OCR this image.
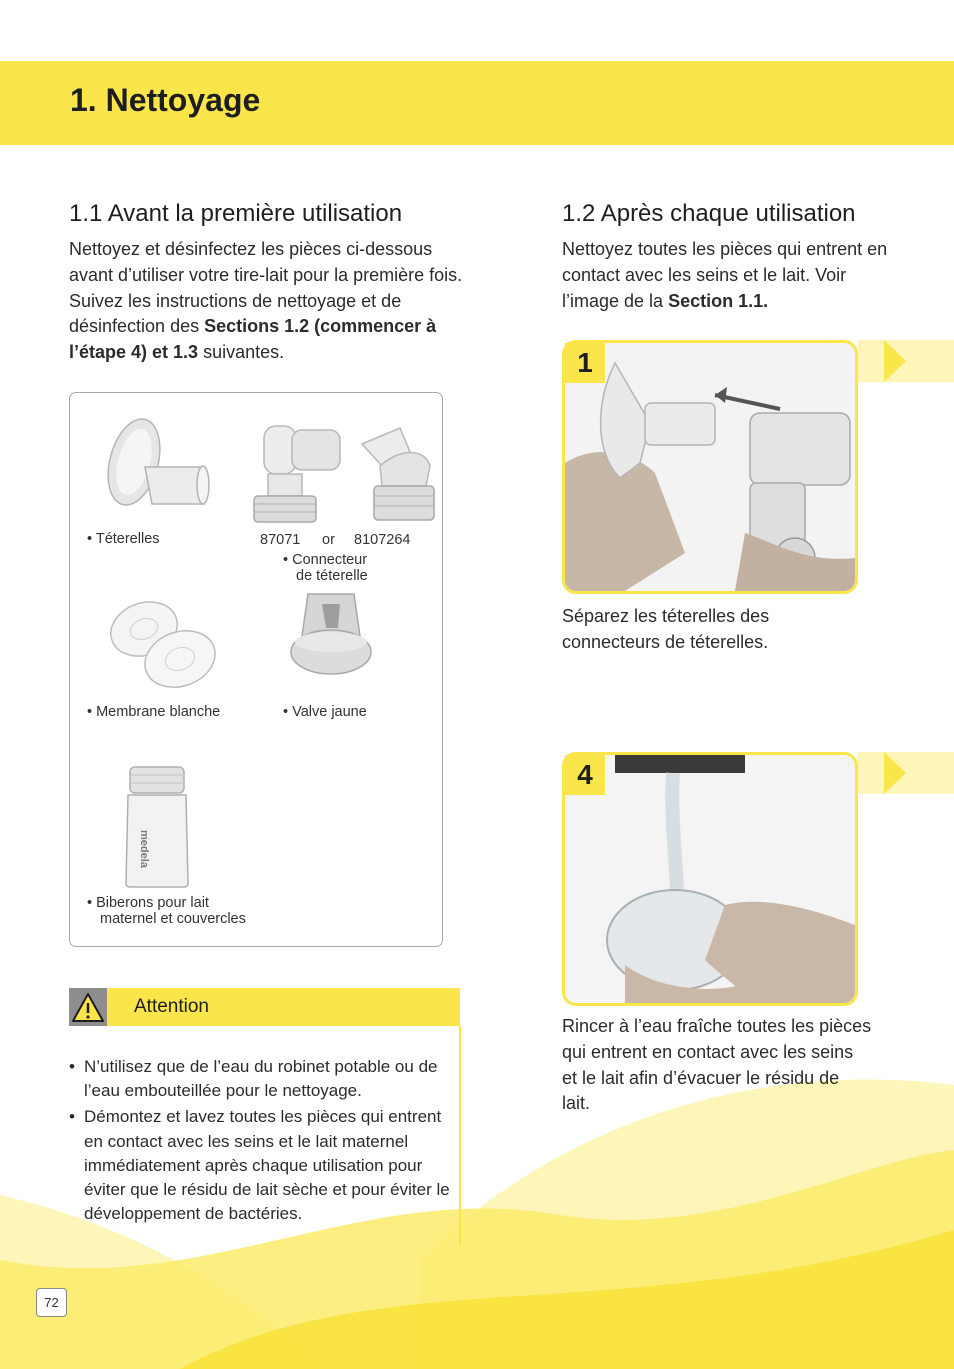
1. Nettoyage
1.1 Avant la première utilisation

Nettoyez et désinfectez les pièces ci-dessous avant d’utiliser votre tire-lait pour la première fois. Suivez les instructions de nettoyage et de désinfection des Sections 1.2 (commencer à l’étape 4) et 1.3 suivantes.

• Téterelles	87071 or 8107264
• Connecteur
de téterelle
• Membrane blanche	• Valve jaune
medela
• Biberons pour lait
maternel et couvercles
Attention
• N’utilisez que de l’eau du robinet potable ou de l’eau embouteillée pour le nettoyage.
• Démontez et lavez toutes les pièces qui entrent en contact avec les seins et le lait maternel immédiatement après chaque utilisation pour éviter que le résidu de lait sèche et pour éviter le développement de bactéries.
1.2 Après chaque utilisation

Nettoyez toutes les pièces qui entrent en contact avec les seins et le lait. Voir l’image de la Section 1.1.

1

Séparez les téterelles des connecteurs de téterelles.

4

Rincer à l’eau fraîche toutes les pièces qui entrent en contact avec les seins et le lait afin d’évacuer le résidu de lait.

72
